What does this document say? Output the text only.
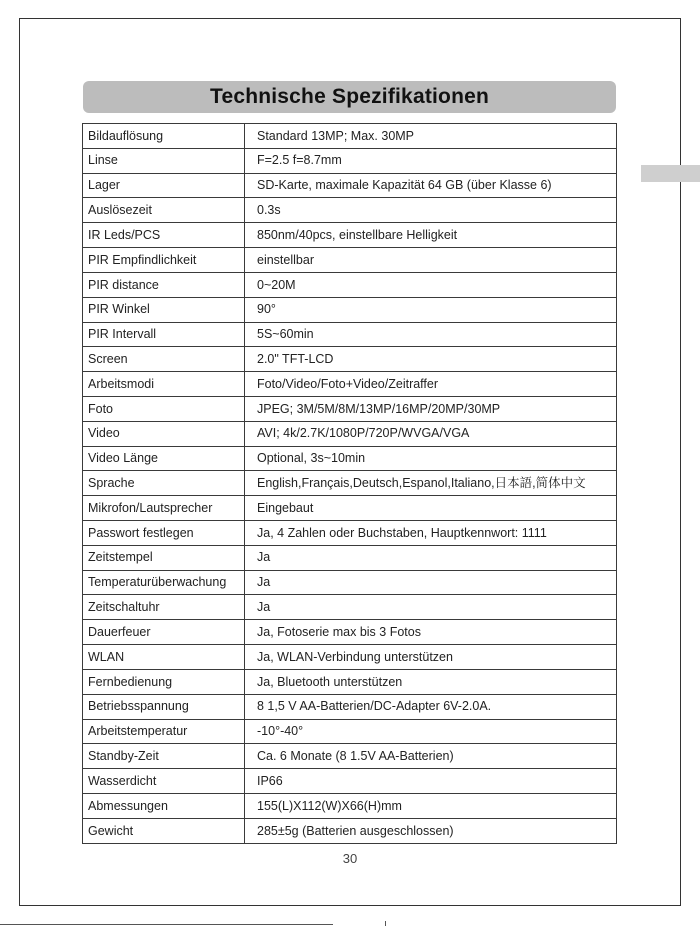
Technische Spezifikationen
Bildauflösung	Standard 13MP; Max. 30MP
Linse	F=2.5 f=8.7mm
Lager	SD-Karte, maximale Kapazität 64 GB (über Klasse 6)
Auslösezeit	0.3s
IR Leds/PCS	850nm/40pcs, einstellbare Helligkeit
PIR Empfindlichkeit	einstellbar
PIR distance	0~20M
PIR Winkel	90°
PIR Intervall	5S~60min
Screen	2.0" TFT-LCD
Arbeitsmodi	Foto/Video/Foto+Video/Zeitraffer
Foto	JPEG; 3M/5M/8M/13MP/16MP/20MP/30MP
Video	AVI; 4k/2.7K/1080P/720P/WVGA/VGA
Video Länge	Optional, 3s~10min
Sprache	English,Français,Deutsch,Espanol,Italiano,日本語,简体中文
Mikrofon/Lautsprecher	Eingebaut
Passwort festlegen	Ja, 4 Zahlen oder Buchstaben, Hauptkennwort: 1111
Zeitstempel	Ja
Temperaturüberwachung	Ja
Zeitschaltuhr	Ja
Dauerfeuer	Ja, Fotoserie max bis 3 Fotos
WLAN	Ja, WLAN-Verbindung unterstützen
Fernbedienung	Ja, Bluetooth unterstützen
Betriebsspannung	8 1,5 V AA-Batterien/DC-Adapter 6V-2.0A.
Arbeitstemperatur	-10°-40°
Standby-Zeit	Ca. 6 Monate (8 1.5V AA-Batterien)
Wasserdicht	IP66
Abmessungen	155(L)X112(W)X66(H)mm
Gewicht	285±5g (Batterien ausgeschlossen)
30
